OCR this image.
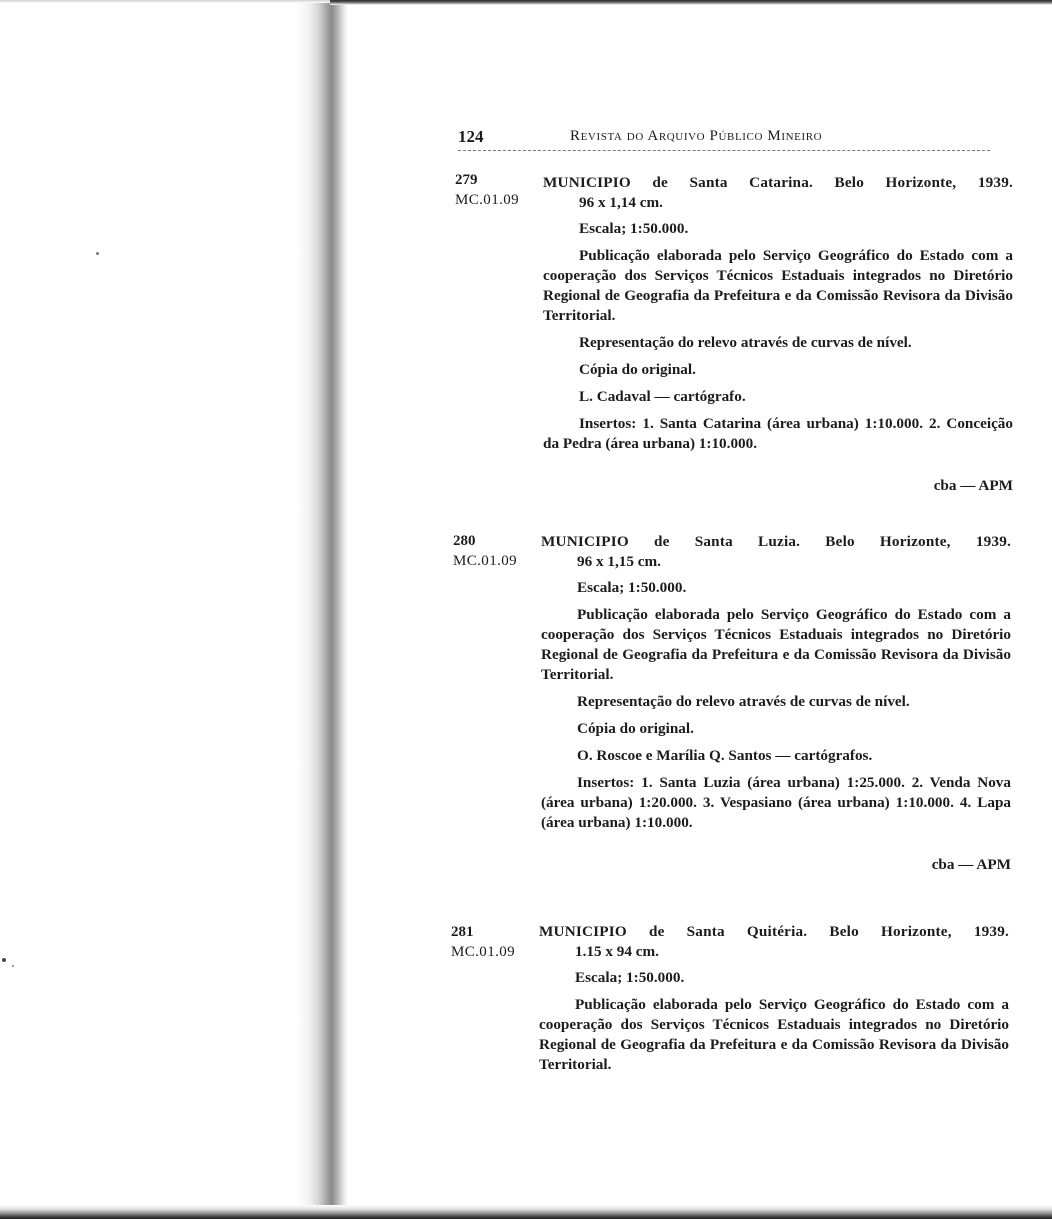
124	Revista do Arquivo Público Mineiro
279
MC.01.09
MUNICIPIO de Santa Catarina. Belo Horizonte, 1939.
96 x 1,14 cm.
Escala; 1:50.000.
Publicação elaborada pelo Serviço Geográfico do Estado com a cooperação dos Serviços Técnicos Estaduais integrados no Diretório Regional de Geografia da Prefeitura e da Comissão Revisora da Divisão Territorial.
Representação do relevo através de curvas de nível.
Cópia do original.
L. Cadaval — cartógrafo.
Insertos: 1. Santa Catarina (área urbana) 1:10.000. 2. Conceição da Pedra (área urbana) 1:10.000.
cba — APM
280
MC.01.09
MUNICIPIO de Santa Luzia. Belo Horizonte, 1939.
96 x 1,15 cm.
Escala; 1:50.000.
Publicação elaborada pelo Serviço Geográfico do Estado com a cooperação dos Serviços Técnicos Estaduais integrados no Diretório Regional de Geografia da Prefeitura e da Comissão Revisora da Divisão Territorial.
Representação do relevo através de curvas de nível.
Cópia do original.
O. Roscoe e Marília Q. Santos — cartógrafos.
Insertos: 1. Santa Luzia (área urbana) 1:25.000. 2. Venda Nova (área urbana) 1:20.000. 3. Vespasiano (área urbana) 1:10.000. 4. Lapa (área urbana) 1:10.000.
cba — APM
281
MC.01.09
MUNICIPIO de Santa Quitéria. Belo Horizonte, 1939.
1.15 x 94 cm.
Escala; 1:50.000.
Publicação elaborada pelo Serviço Geográfico do Estado com a cooperação dos Serviços Técnicos Estaduais integrados no Diretório Regional de Geografia da Prefeitura e da Comissão Revisora da Divisão Territorial.
